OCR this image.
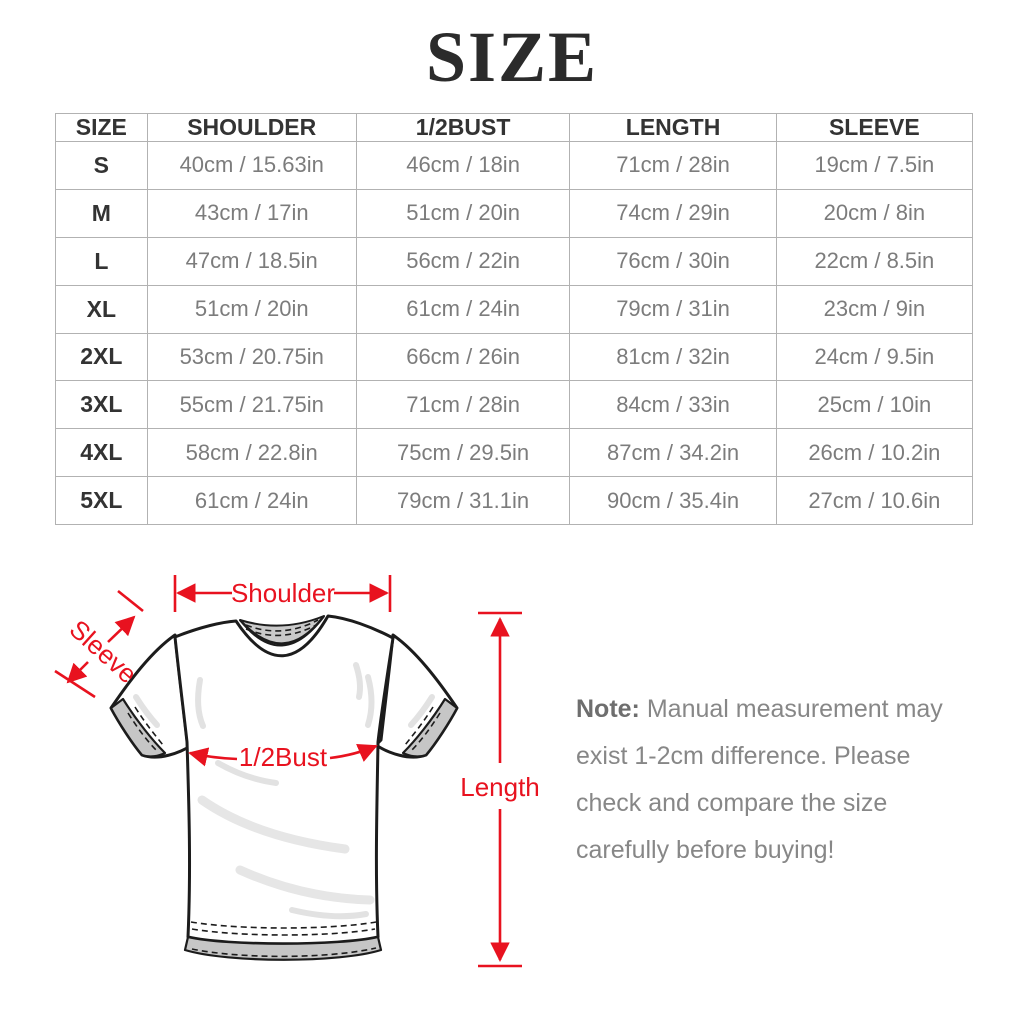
SIZE
SIZE	SHOULDER	1/2BUST	LENGTH	SLEEVE
S	40cm / 15.63in	46cm / 18in	71cm / 28in	19cm / 7.5in
M	43cm / 17in	51cm / 20in	74cm / 29in	20cm / 8in
L	47cm / 18.5in	56cm / 22in	76cm / 30in	22cm / 8.5in
XL	51cm / 20in	61cm / 24in	79cm / 31in	23cm / 9in
2XL	53cm / 20.75in	66cm / 26in	81cm / 32in	24cm / 9.5in
3XL	55cm / 21.75in	71cm / 28in	84cm / 33in	25cm / 10in
4XL	58cm / 22.8in	75cm / 29.5in	87cm / 34.2in	26cm / 10.2in
5XL	61cm / 24in	79cm / 31.1in	90cm / 35.4in	27cm / 10.6in
Shoulder
Sleeve
1/2Bust
Length
Note: Manual measurement may
exist 1-2cm difference. Please
check and compare the size
carefully before buying!
